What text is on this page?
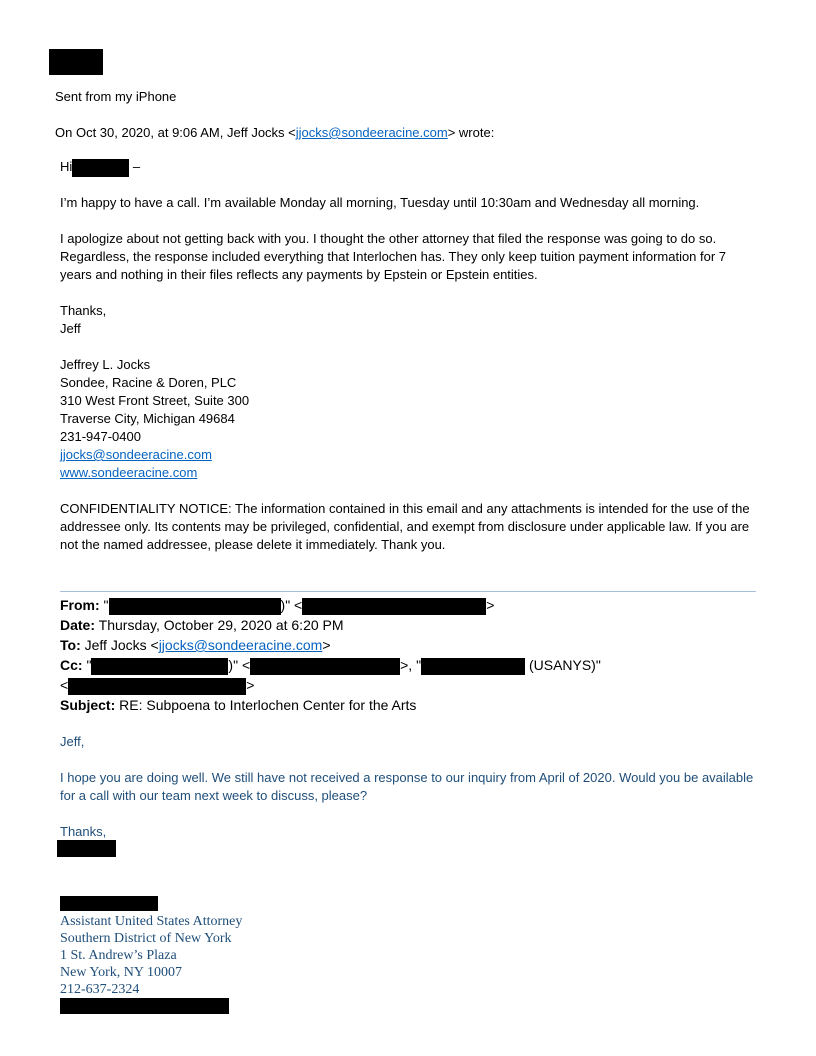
Sent from my iPhone
On Oct 30, 2020, at 9:06 AM, Jeff Jocks <jjocks@sondeeracine.com> wrote:
Hi	–
I’m happy to have a call. I’m available Monday all morning, Tuesday until 10:30am and Wednesday all morning.
I apologize about not getting back with you. I thought the other attorney that filed the response was going to do so. Regardless, the response included everything that Interlochen has. They only keep tuition payment information for 7 years and nothing in their files reflects any payments by Epstein or Epstein entities.
Thanks,
Jeff
Jeffrey L. Jocks
Sondee, Racine & Doren, PLC
310 West Front Street, Suite 300
Traverse City, Michigan 49684
231-947-0400
jjocks@sondeeracine.com
www.sondeeracine.com
CONFIDENTIALITY NOTICE: The information contained in this email and any attachments is intended for the use of the addressee only. Its contents may be privileged, confidential, and exempt from disclosure under applicable law. If you are not the named addressee, please delete it immediately. Thank you.
From: "	)" <	>
Date: Thursday, October 29, 2020 at 6:20 PM
To: Jeff Jocks <jjocks@sondeeracine.com>
Cc: "	)" <	>, "	(USANYS)"
<	>
Subject: RE: Subpoena to Interlochen Center for the Arts
Jeff,
I hope you are doing well. We still have not received a response to our inquiry from April of 2020. Would you be available for a call with our team next week to discuss, please?
Thanks,
Assistant United States Attorney
Southern District of New York
1 St. Andrew’s Plaza
New York, NY 10007
212-637-2324
